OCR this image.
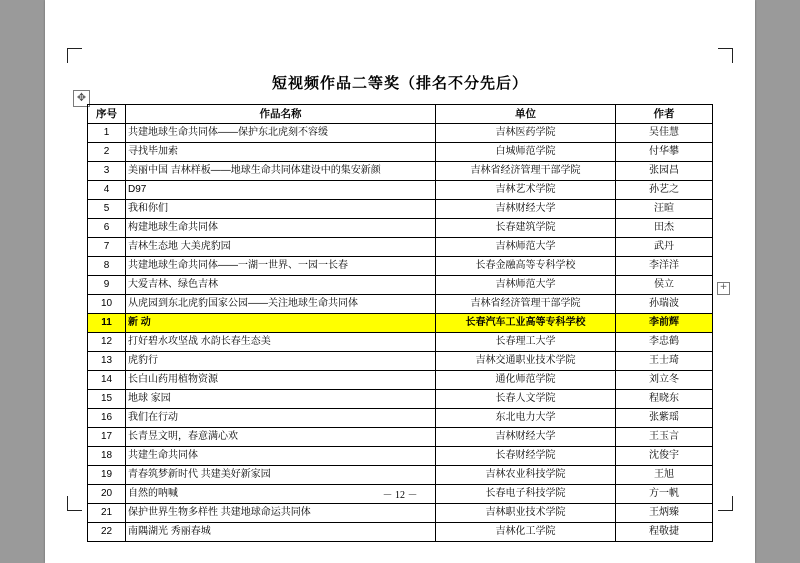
短视频作品二等奖（排名不分先后）
✥
+
序号	作品名称	单位	作者
1	共建地球生命共同体——保护东北虎刻不容缓	吉林医药学院	吴佳慧
2	寻找毕加索	白城师范学院	付华攀
3	美丽中国 吉林样板——地球生命共同体建设中的集安新颜	吉林省经济管理干部学院	张园昌
4	D97	吉林艺术学院	孙艺之
5	我和你们	吉林财经大学	汪暄
6	构建地球生命共同体	长春建筑学院	田杰
7	吉林生态地 大美虎豹园	吉林师范大学	武丹
8	共建地球生命共同体——一湖一世界、一园一长春	长春金融高等专科学校	李洋洋
9	大爱吉林、绿色吉林	吉林师范大学	侯立
10	从虎园到东北虎豹国家公园——关注地球生命共同体	吉林省经济管理干部学院	孙瑞波
11	新 动	长春汽车工业高等专科学校	李前辉
12	打好碧水攻坚战 水韵长春生态美	长春理工大学	李忠鹤
13	虎豹行	吉林交通职业技术学院	王士琦
14	长白山药用植物资源	通化师范学院	刘立冬
15	地球 家园	长春人文学院	程晓东
16	我们在行动	东北电力大学	张紫瑶
17	长青昱文明，春意满心欢	吉林财经大学	王玉言
18	共建生命共同体	长春财经学院	沈俊宇
19	青春筑梦新时代 共建美好新家园	吉林农业科技学院	王旭
20	自然的呐喊	长春电子科技学院	方一帆
21	保护世界生物多样性 共建地球命运共同体	吉林职业技术学院	王炳臻
22	南隅湖光 秀丽春城	吉林化工学院	程敬捷
－ 12 －
